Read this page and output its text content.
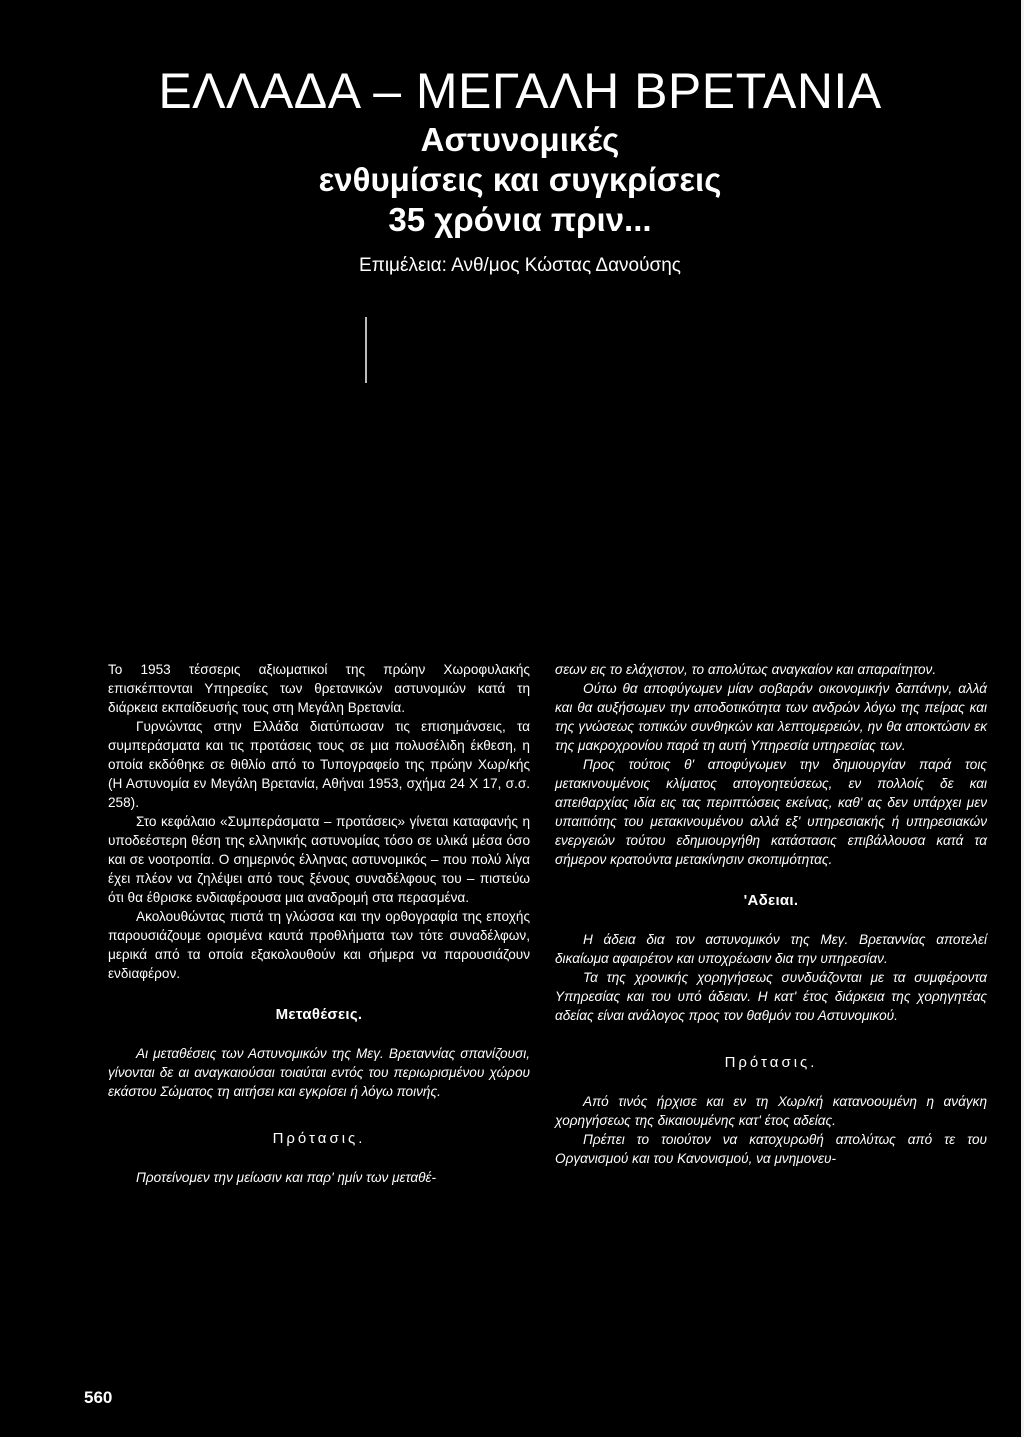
ΕΛΛΑΔΑ – ΜΕΓΑΛΗ ΒΡΕΤΑΝΙΑ
Αστυνομικές
ενθυμίσεις και συγκρίσεις
35 χρόνια πριν...
Επιμέλεια: Ανθ/μος Κώστας Δανούσης

Το 1953 τέσσερις αξιωματικοί της πρώην Χωροφυλακής επισκέπτονται Υπηρεσίες των θρετανικών αστυνομιών κατά τη διάρκεια εκπαίδευσής τους στη Μεγάλη Βρετανία.

Γυρνώντας στην Ελλάδα διατύπωσαν τις επισημάνσεις, τα συμπεράσματα και τις προτάσεις τους σε μια πολυσέλιδη έκθεση, η οποία εκδόθηκε σε θιθλίο από το Τυπογραφείο της πρώην Χωρ/κής (Η Αστυνομία εν Μεγάλη Βρετανία, Αθήναι 1953, σχήμα 24 Χ 17, σ.σ. 258).

Στο κεφάλαιο «Συμπεράσματα – προτάσεις» γίνεται καταφανής η υποδεέστερη θέση της ελληνικής αστυνομίας τόσο σε υλικά μέσα όσο και σε νοοτροπία. Ο σημερινός έλληνας αστυνομικός – που πολύ λίγα έχει πλέον να ζηλέψει από τους ξένους συναδέλφους του – πιστεύω ότι θα έθρισκε ενδιαφέρουσα μια αναδρομή στα περασμένα.

Ακολουθώντας πιστά τη γλώσσα και την ορθογραφία της εποχής παρουσιάζουμε ορισμένα καυτά προθλήματα των τότε συναδέλφων, μερικά από τα οποία εξακολουθούν και σήμερα να παρουσιάζουν ενδιαφέρον.

Μεταθέσεις.

Αι μεταθέσεις των Αστυνομικών της Μεγ. Βρεταννίας σπανίζουσι, γίνονται δε αι αναγκαιούσαι τοιαύται εντός του περιωρισμένου χώρου εκάστου Σώματος τη αιτήσει και εγκρίσει ή λόγω ποινής.

Πρότασις.

Προτείνομεν την μείωσιν και παρ' ημίν των μεταθέ-

σεων εις το ελάχιστον, το απολύτως αναγκαίον και απαραίτητον.

Ούτω θα αποφύγωμεν μίαν σοβαράν οικονομικήν δαπάνην, αλλά και θα αυξήσωμεν την αποδοτικότητα των ανδρών λόγω της πείρας και της γνώσεως τοπικών συνθηκών και λεπτομερειών, ην θα αποκτώσιν εκ της μακροχρονίου παρά τη αυτή Υπηρεσία υπηρεσίας των.

Προς τούτοις θ' αποφύγωμεν την δημιουργίαν παρά τοις μετακινουμένοις κλίματος απογοητεύσεως, εν πολλοίς δε και απειθαρχίας ιδία εις τας περιπτώσεις εκείνας, καθ' ας δεν υπάρχει μεν υπαιτιότης του μετακινουμένου αλλά εξ' υπηρεσιακής ή υπηρεσιακών ενεργειών τούτου εδημιουργήθη κατάστασις επιβάλλουσα κατά τα σήμερον κρατούντα μετακίνησιν σκοπιμότητας.

'Αδειαι.

Η άδεια δια τον αστυνομικόν της Μεγ. Βρεταννίας αποτελεί δικαίωμα αφαιρέτον και υποχρέωσιν δια την υπηρεσίαν.

Τα της χρονικής χορηγήσεως συνδυάζονται με τα συμφέροντα Υπηρεσίας και του υπό άδειαν. Η κατ' έτος διάρκεια της χορηγητέας αδείας είναι ανάλογος προς τον θαθμόν του Αστυνομικού.

Πρότασις.

Από τινός ήρχισε και εν τη Χωρ/κή κατανοουμένη η ανάγκη χορηγήσεως της δικαιουμένης κατ' έτος αδείας.

Πρέπει το τοιούτον να κατοχυρωθή απολύτως από τε του Οργανισμού και του Κανονισμού, να μνημονευ-

560
